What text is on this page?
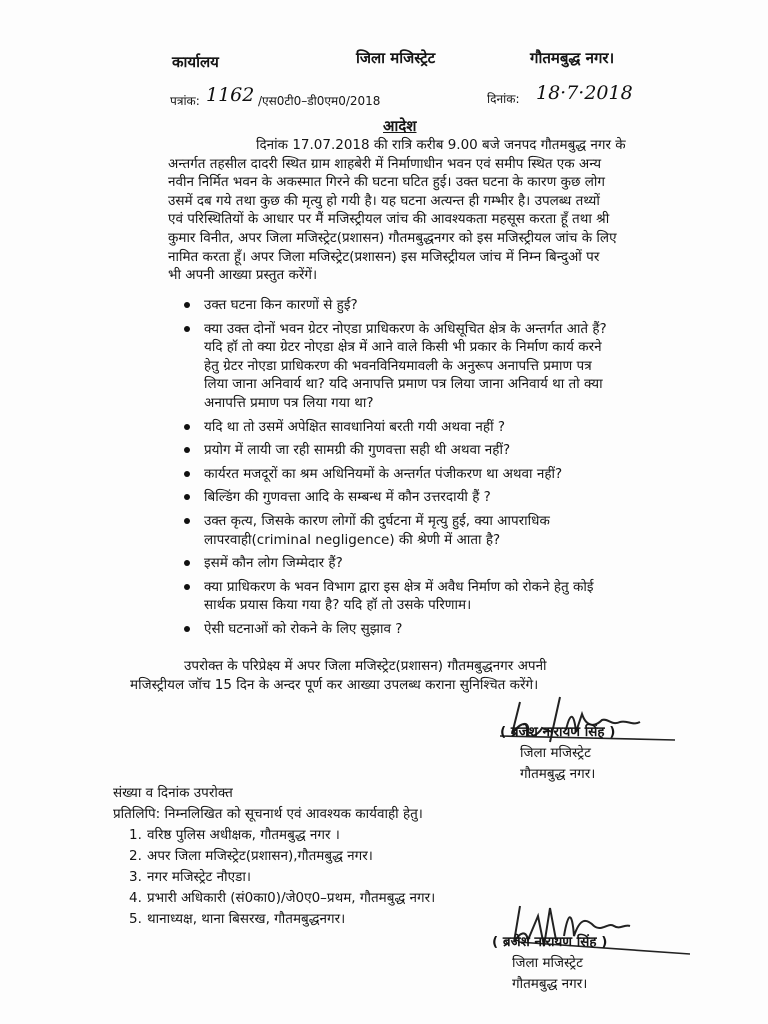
कार्यालय	जिला मजिस्ट्रेट	गौतमबुद्ध नगर।
पत्रांक: 1162 /एस0टी0–डी0एम0/2018	दिनांक: 18·7·2018
आदेश
दिनांक 17.07.2018 की रात्रि करीब 9.00 बजे जनपद गौतमबुद्ध नगर के
अन्तर्गत तहसील दादरी स्थित ग्राम शाहबेरी में निर्माणाधीन भवन एवं समीप स्थित एक अन्य
नवीन निर्मित भवन के अकस्मात गिरने की घटना घटित हुई। उक्त घटना के कारण कुछ लोग
उसमें दब गये तथा कुछ की मृत्यु हो गयी है। यह घटना अत्यन्त ही गम्भीर है। उपलब्ध तथ्यों
एवं परिस्थितियों के आधार पर मैं मजिस्ट्रीयल जांच की आवश्यकता महसूस करता हूँ तथा श्री
कुमार विनीत, अपर जिला मजिस्ट्रेट(प्रशासन) गौतमबुद्धनगर को इस मजिस्ट्रीयल जांच के लिए
नामित करता हूँ। अपर जिला मजिस्ट्रेट(प्रशासन) इस मजिस्ट्रीयल जांच में निम्न बिन्दुओं पर
भी अपनी आख्या प्रस्तुत करेंगें।
उक्त घटना किन कारणों से हुई?
क्या उक्त दोनों भवन ग्रेटर नोएडा प्राधिकरण के अधिसूचित क्षेत्र के अन्तर्गत आते हैं?
यदि हॉ तो क्या ग्रेटर नोएडा क्षेत्र में आने वाले किसी भी प्रकार के निर्माण कार्य करने
हेतु ग्रेटर नोएडा प्राधिकरण की भवनविनियमावली के अनुरूप अनापत्ति प्रमाण पत्र
लिया जाना अनिवार्य था? यदि अनापत्ति प्रमाण पत्र लिया जाना अनिवार्य था तो क्या
अनापत्ति प्रमाण पत्र लिया गया था?
यदि था तो उसमें अपेक्षित सावधानियां बरती गयी अथवा नहीं ?
प्रयोग में लायी जा रही सामग्री की गुणवत्ता सही थी अथवा नहीं?
कार्यरत मजदूरों का श्रम अधिनियमों के अन्तर्गत पंजीकरण था अथवा नहीं?
बिल्डिंग की गुणवत्ता आदि के सम्बन्ध में कौन उत्तरदायी हैं ?
उक्त कृत्य, जिसके कारण लोगों की दुर्घटना में मृत्यु हुई, क्या आपराधिक
लापरवाही(criminal negligence) की श्रेणी में आता है?
इसमें कौन लोग जिम्मेदार हैं?
क्या प्राधिकरण के भवन विभाग द्वारा इस क्षेत्र में अवैध निर्माण को रोकने हेतु कोई
सार्थक प्रयास किया गया है? यदि हॉ तो उसके परिणाम।
ऐसी घटनाओं को रोकने के लिए सुझाव ?
उपरोक्त के परिप्रेक्ष्य में अपर जिला मजिस्ट्रेट(प्रशासन) गौतमबुद्धनगर अपनी
मजिस्ट्रीयल जॉच 15 दिन के अन्दर पूर्ण कर आख्या उपलब्ध कराना सुनिश्चित करेंगे।
( ब्रजेश नारायण सिंह )
जिला मजिस्ट्रेट
गौतमबुद्ध नगर।
संख्या व दिनांक उपरोक्त
प्रतिलिपि: निम्नलिखित को सूचनार्थ एवं आवश्यक कार्यवाही हेतु।
1. वरिष्ठ पुलिस अधीक्षक, गौतमबुद्ध नगर ।
2. अपर जिला मजिस्ट्रेट(प्रशासन),गौतमबुद्ध नगर।
3. नगर मजिस्ट्रेट नौएडा।
4. प्रभारी अधिकारी (सं0का0)/जे0ए0–प्रथम, गौतमबुद्ध नगर।
5. थानाध्यक्ष, थाना बिसरख, गौतमबुद्धनगर।
( ब्रजेश नारायण सिंह )
जिला मजिस्ट्रेट
गौतमबुद्ध नगर।
